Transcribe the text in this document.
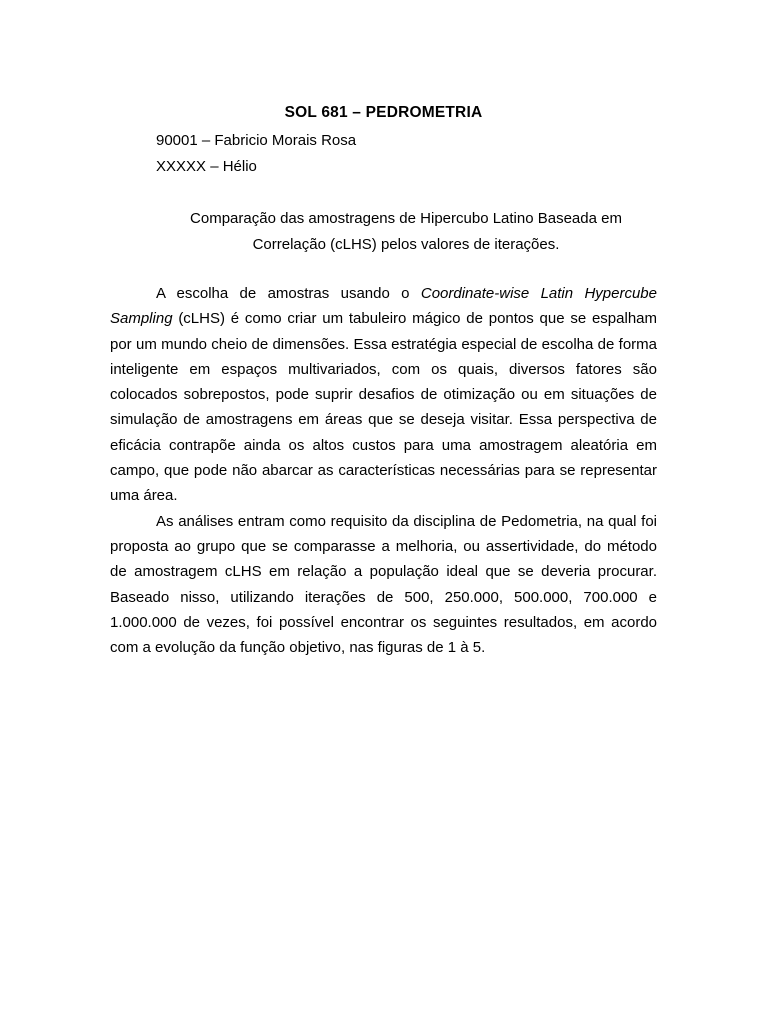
SOL 681 – PEDROMETRIA
90001 – Fabricio Morais Rosa
XXXXX – Hélio
Comparação das amostragens de Hipercubo Latino Baseada em Correlação (cLHS) pelos valores de iterações.

A escolha de amostras usando o Coordinate-wise Latin Hypercube Sampling (cLHS) é como criar um tabuleiro mágico de pontos que se espalham por um mundo cheio de dimensões. Essa estratégia especial de escolha de forma inteligente em espaços multivariados, com os quais, diversos fatores são colocados sobrepostos, pode suprir desafios de otimização ou em situações de simulação de amostragens em áreas que se deseja visitar. Essa perspectiva de eficácia contrapõe ainda os altos custos para uma amostragem aleatória em campo, que pode não abarcar as características necessárias para se representar uma área.

As análises entram como requisito da disciplina de Pedometria, na qual foi proposta ao grupo que se comparasse a melhoria, ou assertividade, do método de amostragem cLHS em relação a população ideal que se deveria procurar. Baseado nisso, utilizando iterações de 500, 250.000, 500.000, 700.000 e 1.000.000 de vezes, foi possível encontrar os seguintes resultados, em acordo com a evolução da função objetivo, nas figuras de 1 à 5.
